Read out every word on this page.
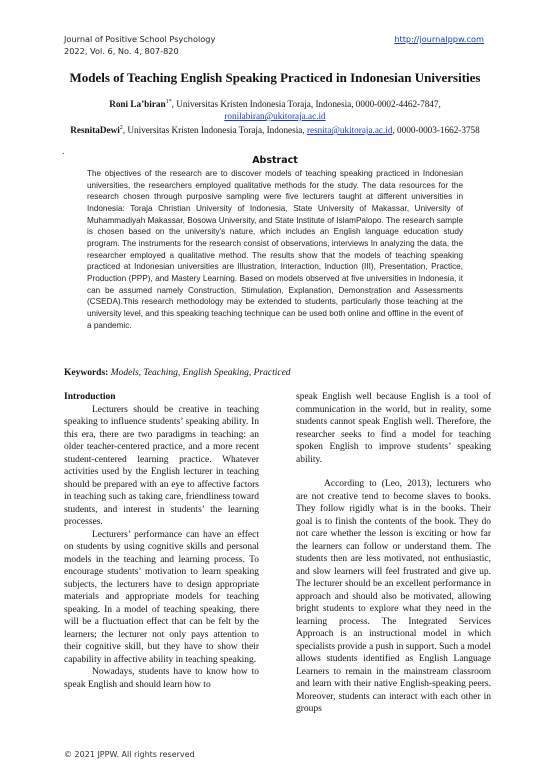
Journal of Positive School Psychology
2022, Vol. 6, No. 4, 807-820
http://journalppw.com
Models of Teaching English Speaking Practiced in Indonesian Universities
Roni La’biran$^{1*}$, Universitas Kristen Indonesia Toraja, Indonesia, 0000-0002-4462-7847,
ronilabiran@ukitoraja.ac.id
ResnitaDewi$^2$, Universitas Kristen Indonesia Toraja, Indonesia, resnita@ukitoraja.ac.id, 0000-0003-1662-3758
.
Abstract
The objectives of the research are to discover models of teaching speaking practiced in Indonesian universities, the researchers employed qualitative methods for the study. The data resources for the research chosen through purposive sampling were five lecturers taught at different universities in Indonesia: Toraja Christian University of Indonesia, State University of Makassar, University of Muhammadiyah Makassar, Bosowa University, and State Institute of IslamPalopo. The research sample is chosen based on the university's nature, which includes an English language education study program. The instruments for the research consist of observations, interviews In analyzing the data, the researcher employed a qualitative method. The results show that the models of teaching speaking practiced at Indonesian universities are Illustration, Interaction, Induction (III), Presentation, Practice, Production (PPP), and Mastery Learning. Based on models observed at five universities in Indonesia, it can be assumed namely Construction, Stimulation, Explanation, Demonstration and Assessments (CSEDA).This research methodology may be extended to students, particularly those teaching at the university level, and this speaking teaching technique can be used both online and offline in the event of a pandemic.
Keywords: Models, Teaching, English Speaking, Practiced

Introduction

Lecturers should be creative in teaching speaking to influence students’ speaking ability. In this era, there are two paradigms in teaching: an older teacher-centered practice, and a more recent student-centered learning practice. Whatever activities used by the English lecturer in teaching should be prepared with an eye to affective factors in teaching such as taking care, friendliness toward students, and interest in students’ the learning processes.

Lecturers’ performance can have an effect on students by using cognitive skills and personal models in the teaching and learning process. To encourage students’ motivation to learn speaking subjects, the lecturers have to design appropriate materials and appropriate models for teaching speaking. In a model of teaching speaking, there will be a fluctuation effect that can be felt by the learners; the lecturer not only pays attention to their cognitive skill, but they have to show their capability in affective ability in teaching speaking.

Nowadays, students have to know how to speak English and should learn how to

speak English well because English is a tool of communication in the world, but in reality, some students cannot speak English well. Therefore, the researcher seeks to find a model for teaching spoken English to improve students’ speaking ability.

According to (Leo, 2013), lecturers who are not creative tend to become slaves to books. They follow rigidly what is in the books. Their goal is to finish the contents of the book. They do not care whether the lesson is exciting or how far the learners can follow or understand them. The students then are less motivated, not enthusiastic, and slow learners will feel frustrated and give up. The lecturer should be an excellent performance in approach and should also be motivated, allowing bright students to explore what they need in the learning process. The Integrated Services Approach is an instructional model in which specialists provide a push in support. Such a model allows students identified as English Language Learners to remain in the mainstream classroom and learn with their native English-speaking peers. Moreover, students can interact with each other in groups

© 2021 JPPW. All rights reserved
